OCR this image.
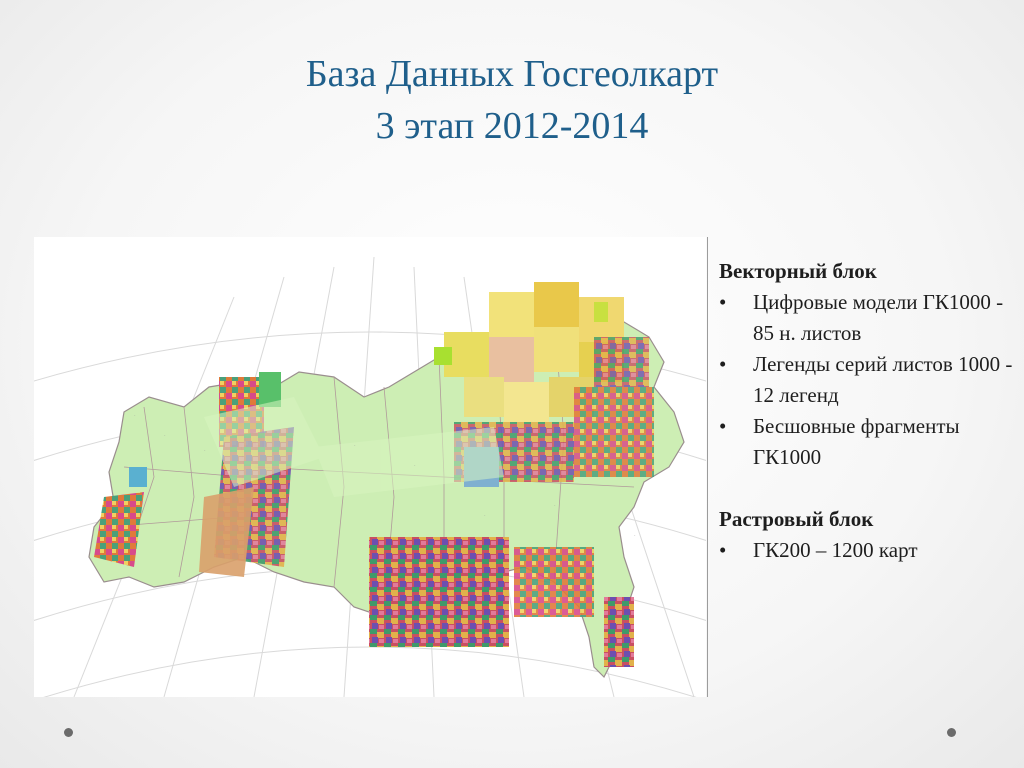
База Данных Госгеолкарт
3 этап 2012-2014
·
·
·
·
·
·
·
·
·

Векторный блок

• Цифровые модели ГК1000 - 85 н. листов
• Легенды серий листов 1000 - 12 легенд
• Бесшовные фрагменты ГК1000

Растровый блок

• ГК200 – 1200 карт
